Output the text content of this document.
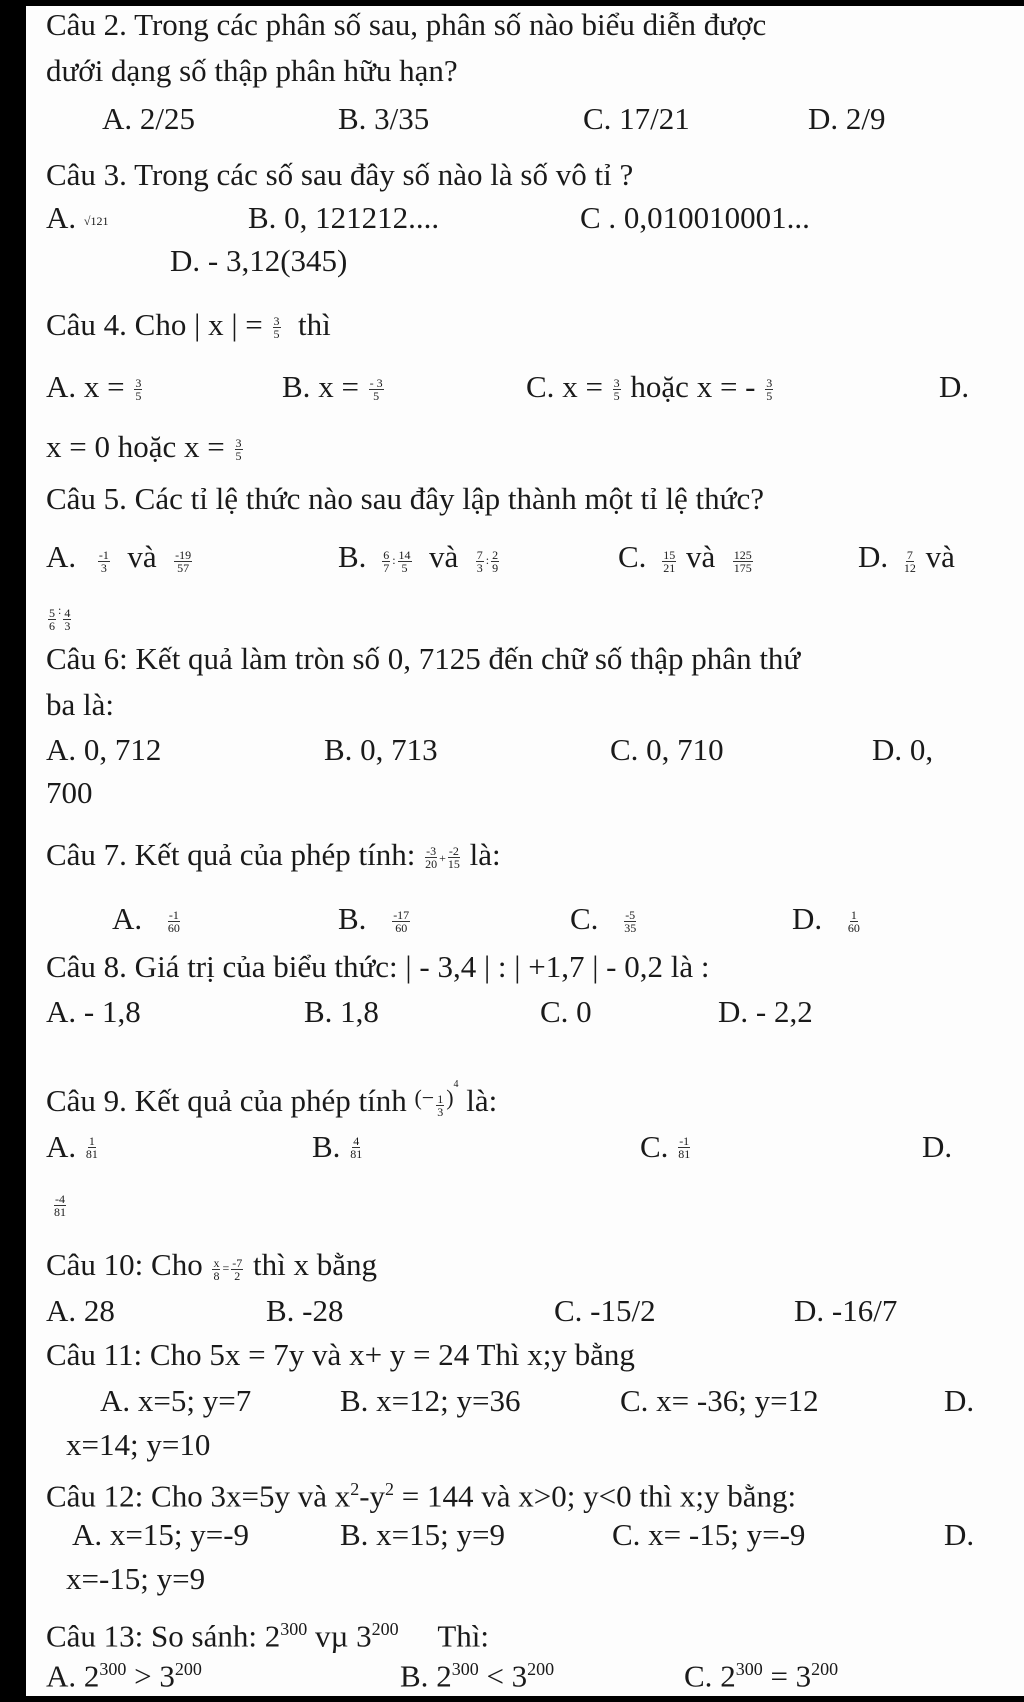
Câu 2. Trong các phân số sau, phân số nào biểu diễn được
dưới dạng số thập phân hữu hạn?
A. 2/25	B. 3/35	C. 17/21	D. 2/9
Câu 3. Trong các số sau đây số nào là số vô tỉ ?
A. √121	B. 0, 121212....	C . 0,010010001...
D. - 3,12(345)
Câu 4. Cho | x | = $\frac{3}{5}$ thì
A. $x = \frac{3}{5}$	B. $x = \frac{- 3}{5}$	C. $x = \frac{3}{5}$ hoặc x = - $\frac{3}{5}$	D.
x = 0 hoặc $x = \frac{3}{5}$
Câu 5. Các tỉ lệ thức nào sau đây lập thành một tỉ lệ thức?
A. $\frac{-1}{3}$ và $\frac{-19}{57}$	B. $\frac{6}{7}$ : $\frac{14}{5}$ và $\frac{7}{3}$ : $\frac{2}{9}$	C. $\frac{15}{21}$ và $\frac{125}{175}$	D. $\frac{7}{12}$ và
$\frac{5}{6}$ : $\frac{4}{3}$
Câu 6: Kết quả làm tròn số 0, 7125 đến chữ số thập phân thứ
ba là:
A. 0, 712	B. 0, 713	C. 0, 710	D. 0,
700
Câu 7. Kết quả của phép tính: $\frac{-3}{20} + \frac{-2}{15}$ là:
A. $\frac{-1}{60}$	B. $\frac{-17}{60}$	C. $\frac{-5}{35}$	D. $\frac{1}{60}$
Câu 8. Giá trị của biểu thức: | - 3,4 | : | +1,7 | - 0,2 là :
A. - 1,8	B. 1,8	C. 0	D. - 2,2
Câu 9. Kết quả của phép tính (− $\frac{1}{3} )^4$ là:
A. $\frac{1}{81}$	B. $\frac{4}{81}$	C. $\frac{-1}{81}$	D.
$\frac{-4}{81}$
Câu 10: Cho $\frac{x}{8} = \frac{-7}{2}$ thì x bằng
A. 28	B. -28	C. -15/2	D. -16/7
Câu 11: Cho 5x = 7y và x+ y = 24 Thì x;y bằng
A. x=5; y=7	B. x=12; y=36	C. x= -36; y=12	D.
x=14; y=10
Câu 12: Cho 3x=5y và $x^2-y^2 = 144$ và x>0; y<0 thì x;y bằng:
A. x=15; y=-9	B. x=15; y=9	C. x= -15; y=-9	D.
x=-15; y=9
Câu 13: So sánh: $2^{300}$ vµ $3^{200}$ Thì:
A. $2^{300} > 3^{200}$	B. $2^{300} < 3^{200}$	C. $2^{300} = 3^{200}$
